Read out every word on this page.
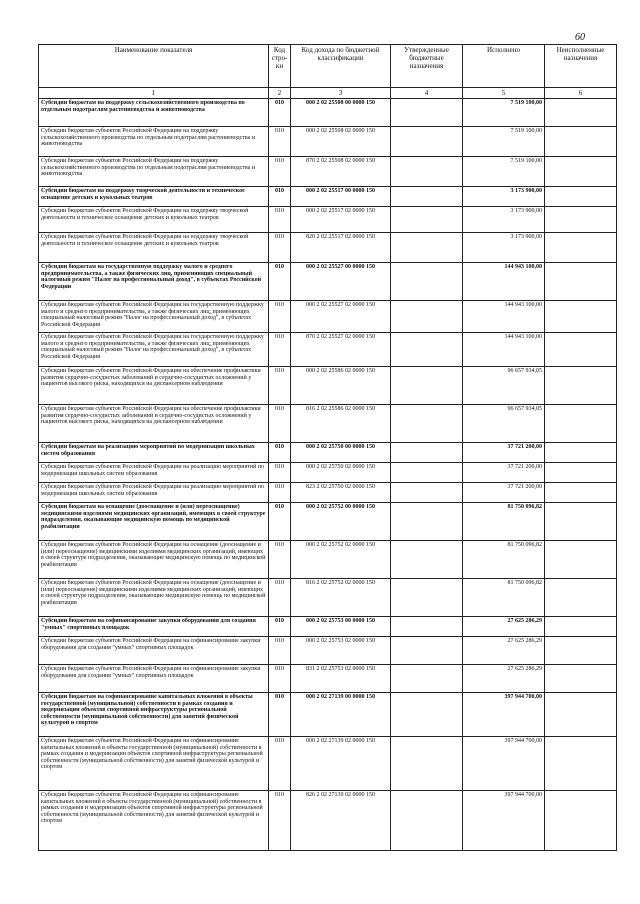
60
Наименование показателя	Код стро-ки	Код дохода по бюджетной классификации	Утвержденные бюджетные назначения	Исполнено	Неисполненные назначения
1	2	3	4	5	6
Субсидии бюджетам на поддержку сельскохозяйственного производства по отдельным подотраслям растениеводства и животноводства	010	000 2 02 25508 00 0000 150		7 519 100,00	
Субсидии бюджетам субъектов Российской Федерации на поддержку сельскохозяйственного производства по отдельным подотраслям растениеводства и животноводства	010	000 2 02 25508 02 0000 150		7 519 100,00	
Субсидии бюджетам субъектов Российской Федерации на поддержку сельскохозяйственного производства по отдельным подотраслям растениеводства и животноводства	010	870 2 02 25508 02 0000 150		7 519 100,00	
Субсидии бюджетам на поддержку творческой деятельности и техническое оснащение детских и кукольных театров	010	000 2 02 25517 00 0000 150		3 173 900,00	
Субсидии бюджетам субъектов Российской Федерации на поддержку творческой деятельности и техническое оснащение детских и кукольных театров	010	000 2 02 25517 02 0000 150		3 173 900,00	
Субсидии бюджетам субъектов Российской Федерации на поддержку творческой деятельности и техническое оснащение детских и кукольных театров	010	820 2 02 25517 02 0000 150		3 173 900,00	
Субсидии бюджетам на государственную поддержку малого и среднего предпринимательства, а также физических лиц, применяющих специальный налоговый режим "Налог на профессиональный доход", в субъектах Российской Федерации	010	000 2 02 25527 00 0000 150		144 943 100,00	
Субсидии бюджетам субъектов Российской Федерации на государственную поддержку малого и среднего предпринимательства, а также физических лиц, применяющих специальный налоговый режим "Налог на профессиональный доход", в субъектах Российской Федерации	010	000 2 02 25527 02 0000 150		144 943 100,00	
Субсидии бюджетам субъектов Российской Федерации на государственную поддержку малого и среднего предпринимательства, а также физических лиц, применяющих специальный налоговый режим "Налог на профессиональный доход", в субъектах Российской Федерации	010	870 2 02 25527 02 0000 150		144 943 100,00	
Субсидии бюджетам субъектов Российской Федерации на обеспечение профилактики развития сердечно-сосудистых заболеваний и сердечно-сосудистых осложнений у пациентов высокого риска, находящихся на диспансерном наблюдении	010	000 2 02 25586 02 0000 150		96 657 934,05	
Субсидии бюджетам субъектов Российской Федерации на обеспечение профилактики развития сердечно-сосудистых заболеваний и сердечно-сосудистых осложнений у пациентов высокого риска, находящихся на диспансерном наблюдении	010	816 2 02 25586 02 0000 150		96 657 934,05	
Субсидии бюджетам на реализацию мероприятий по модернизации школьных систем образования	010	000 2 02 25750 00 0000 150		37 721 200,00	
Субсидии бюджетам субъектов Российской Федерации на реализацию мероприятий по модернизации школьных систем образования	010	000 2 02 25750 02 0000 150		37 721 200,00	
Субсидии бюджетам субъектов Российской Федерации на реализацию мероприятий по модернизации школьных систем образования	010	823 2 02 25750 02 0000 150		37 721 200,00	
Субсидии бюджетам на оснащение (дооснащение и (или) переоснащение) медицинскими изделиями медицинских организаций, имеющих в своей структуре подразделения, оказывающие медицинскую помощь по медицинской реабилитации	010	000 2 02 25752 00 0000 150		81 750 096,82	
Субсидии бюджетам субъектов Российской Федерации на оснащение (дооснащение и (или) переоснащение) медицинскими изделиями медицинских организаций, имеющих в своей структуре подразделения, оказывающие медицинскую помощь по медицинской реабилитации	010	000 2 02 25752 02 0000 150		81 750 096,82	
Субсидии бюджетам субъектов Российской Федерации на оснащение (дооснащение и (или) переоснащение) медицинскими изделиями медицинских организаций, имеющих в своей структуре подразделения, оказывающие медицинскую помощь по медицинской реабилитации	010	816 2 02 25752 02 0000 150		81 750 096,82	
Субсидии бюджетам на софинансирование закупки оборудования для создания "умных" спортивных площадок	010	000 2 02 25753 00 0000 150		27 625 286,29	
Субсидии бюджетам субъектов Российской Федерации на софинансирование закупки оборудования для создания "умных" спортивных площадок	010	000 2 02 25753 02 0000 150		27 625 286,29	
Субсидии бюджетам субъектов Российской Федерации на софинансирование закупки оборудования для создания "умных" спортивных площадок	010	831 2 02 25753 02 0000 150		27 625 286,29	
Субсидии бюджетам на софинансирование капитальных вложений в объекты государственной (муниципальной) собственности в рамках создания и модернизации объектов спортивной инфраструктуры региональной собственности (муниципальной собственности) для занятий физической культурой и спортом	010	000 2 02 27139 00 0000 150		397 944 700,00	
Субсидии бюджетам субъектов Российской Федерации на софинансирование капитальных вложений в объекты государственной (муниципальной) собственности в рамках создания и модернизации объектов спортивной инфраструктуры региональной собственности (муниципальной собственности) для занятий физической культурой и спортом	010	000 2 02 27139 02 0000 150		397 944 700,00	
Субсидии бюджетам субъектов Российской Федерации на софинансирование капитальных вложений в объекты государственной (муниципальной) собственности в рамках создания и модернизации объектов спортивной инфраструктуры региональной собственности (муниципальной собственности) для занятий физической культурой и спортом	010	826 2 02 27139 02 0000 150		397 944 700,00	
